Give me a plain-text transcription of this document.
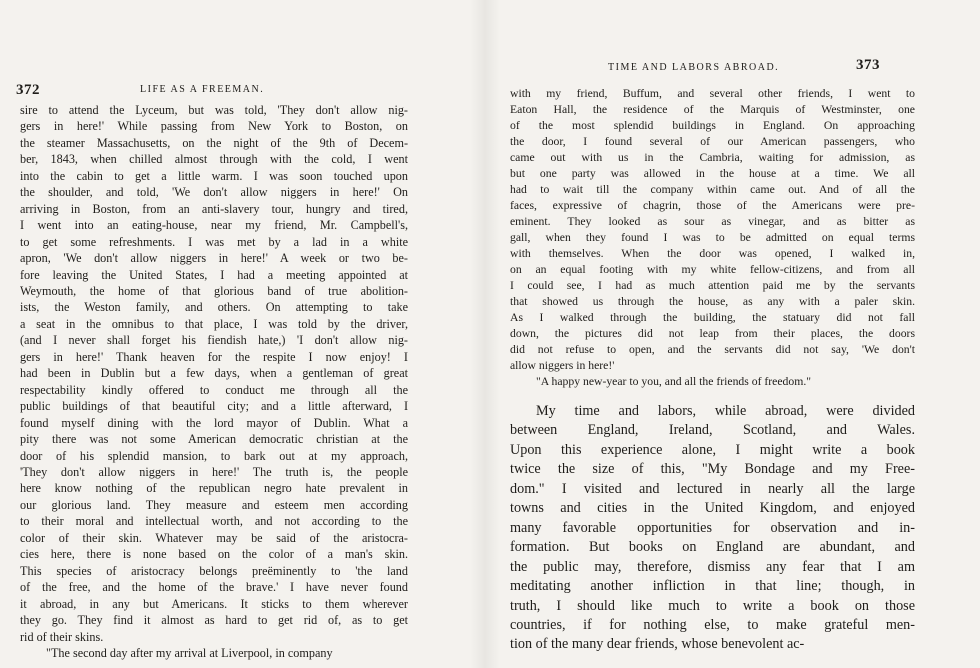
372	LIFE AS A FREEMAN.
sire to attend the Lyceum, but was told, 'They don't allow nig-
gers in here!' While passing from New York to Boston, on
the steamer Massachusetts, on the night of the 9th of Decem-
ber, 1843, when chilled almost through with the cold, I went
into the cabin to get a little warm. I was soon touched upon
the shoulder, and told, 'We don't allow niggers in here!' On
arriving in Boston, from an anti-slavery tour, hungry and tired,
I went into an eating-house, near my friend, Mr. Campbell's,
to get some refreshments. I was met by a lad in a white
apron, 'We don't allow niggers in here!' A week or two be-
fore leaving the United States, I had a meeting appointed at
Weymouth, the home of that glorious band of true abolition-
ists, the Weston family, and others. On attempting to take
a seat in the omnibus to that place, I was told by the driver,
(and I never shall forget his fiendish hate,) 'I don't allow nig-
gers in here!' Thank heaven for the respite I now enjoy! I
had been in Dublin but a few days, when a gentleman of great
respectability kindly offered to conduct me through all the
public buildings of that beautiful city; and a little afterward, I
found myself dining with the lord mayor of Dublin. What a
pity there was not some American democratic christian at the
door of his splendid mansion, to bark out at my approach,
'They don't allow niggers in here!' The truth is, the people
here know nothing of the republican negro hate prevalent in
our glorious land. They measure and esteem men according
to their moral and intellectual worth, and not according to the
color of their skin. Whatever may be said of the aristocra-
cies here, there is none based on the color of a man's skin.
This species of aristocracy belongs preëminently to 'the land
of the free, and the home of the brave.' I have never found
it abroad, in any but Americans. It sticks to them wherever
they go. They find it almost as hard to get rid of, as to get
rid of their skins.
"The second day after my arrival at Liverpool, in company
373
TIME AND LABORS ABROAD.
with my friend, Buffum, and several other friends, I went to
Eaton Hall, the residence of the Marquis of Westminster, one
of the most splendid buildings in England. On approaching
the door, I found several of our American passengers, who
came out with us in the Cambria, waiting for admission, as
but one party was allowed in the house at a time. We all
had to wait till the company within came out. And of all the
faces, expressive of chagrin, those of the Americans were pre-
eminent. They looked as sour as vinegar, and as bitter as
gall, when they found I was to be admitted on equal terms
with themselves. When the door was opened, I walked in,
on an equal footing with my white fellow-citizens, and from all
I could see, I had as much attention paid me by the servants
that showed us through the house, as any with a paler skin.
As I walked through the building, the statuary did not fall
down, the pictures did not leap from their places, the doors
did not refuse to open, and the servants did not say, 'We don't
allow niggers in here!'
"A happy new-year to you, and all the friends of freedom."
My time and labors, while abroad, were divided
between England, Ireland, Scotland, and Wales.
Upon this experience alone, I might write a book
twice the size of this, "My Bondage and my Free-
dom." I visited and lectured in nearly all the large
towns and cities in the United Kingdom, and enjoyed
many favorable opportunities for observation and in-
formation. But books on England are abundant, and
the public may, therefore, dismiss any fear that I am
meditating another infliction in that line; though, in
truth, I should like much to write a book on those
countries, if for nothing else, to make grateful men-
tion of the many dear friends, whose benevolent ac-
